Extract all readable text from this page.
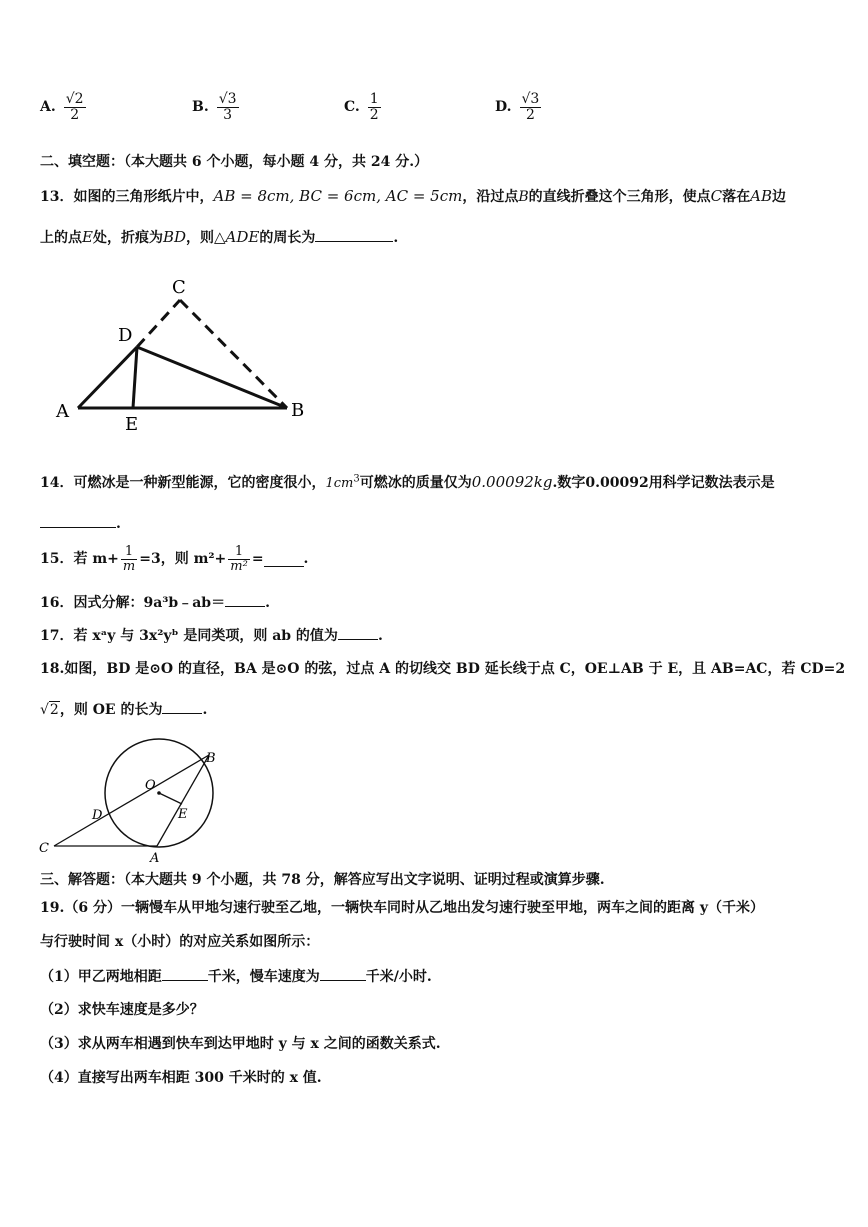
A. $\frac{√2}{2}$	B. $\frac{√3}{3}$	C. $\frac{1}{2}$	D. $\frac{√3}{2}$
二、填空题：（本大题共 6 个小题，每小题 4 分，共 24 分.）
13．如图的三角形纸片中，AB = 8cm, BC = 6cm, AC = 5cm，沿过点B的直线折叠这个三角形，使点C落在AB边
上的点E处，折痕为BD，则△ADE的周长为	.
C
D
A
E
B
14．可燃冰是一种新型能源，它的密度很小，$1cm^3$可燃冰的质量仅为0.00092kg.数字0.00092用科学记数法表示是
.
15．若 $m+ \frac{1}{m} =3$，则 $m^2+ \frac{1}{\text{m²}}$ =	.
16．因式分解：9a³b﹣ab＝	.
17．若 xᵃy 与 3x²yᵇ 是同类项，则 ab 的值为	.
18.如图，BD 是⊙O 的直径，BA 是⊙O 的弦，过点 A 的切线交 BD 延长线于点 C，OE⊥AB 于 E，且 AB=AC，若 CD=2
√2，则 OE 的长为	.
B
O
E
D
C
A
三、解答题：（本大题共 9 个小题，共 78 分，解答应写出文字说明、证明过程或演算步骤.
19.（6 分）一辆慢车从甲地匀速行驶至乙地，一辆快车同时从乙地出发匀速行驶至甲地，两车之间的距离 y（千米）
与行驶时间 x（小时）的对应关系如图所示：
（1）甲乙两地相距	千米，慢车速度为	千米/小时.
（2）求快车速度是多少？
（3）求从两车相遇到快车到达甲地时 y 与 x 之间的函数关系式.
（4）直接写出两车相距 300 千米时的 x 值.
